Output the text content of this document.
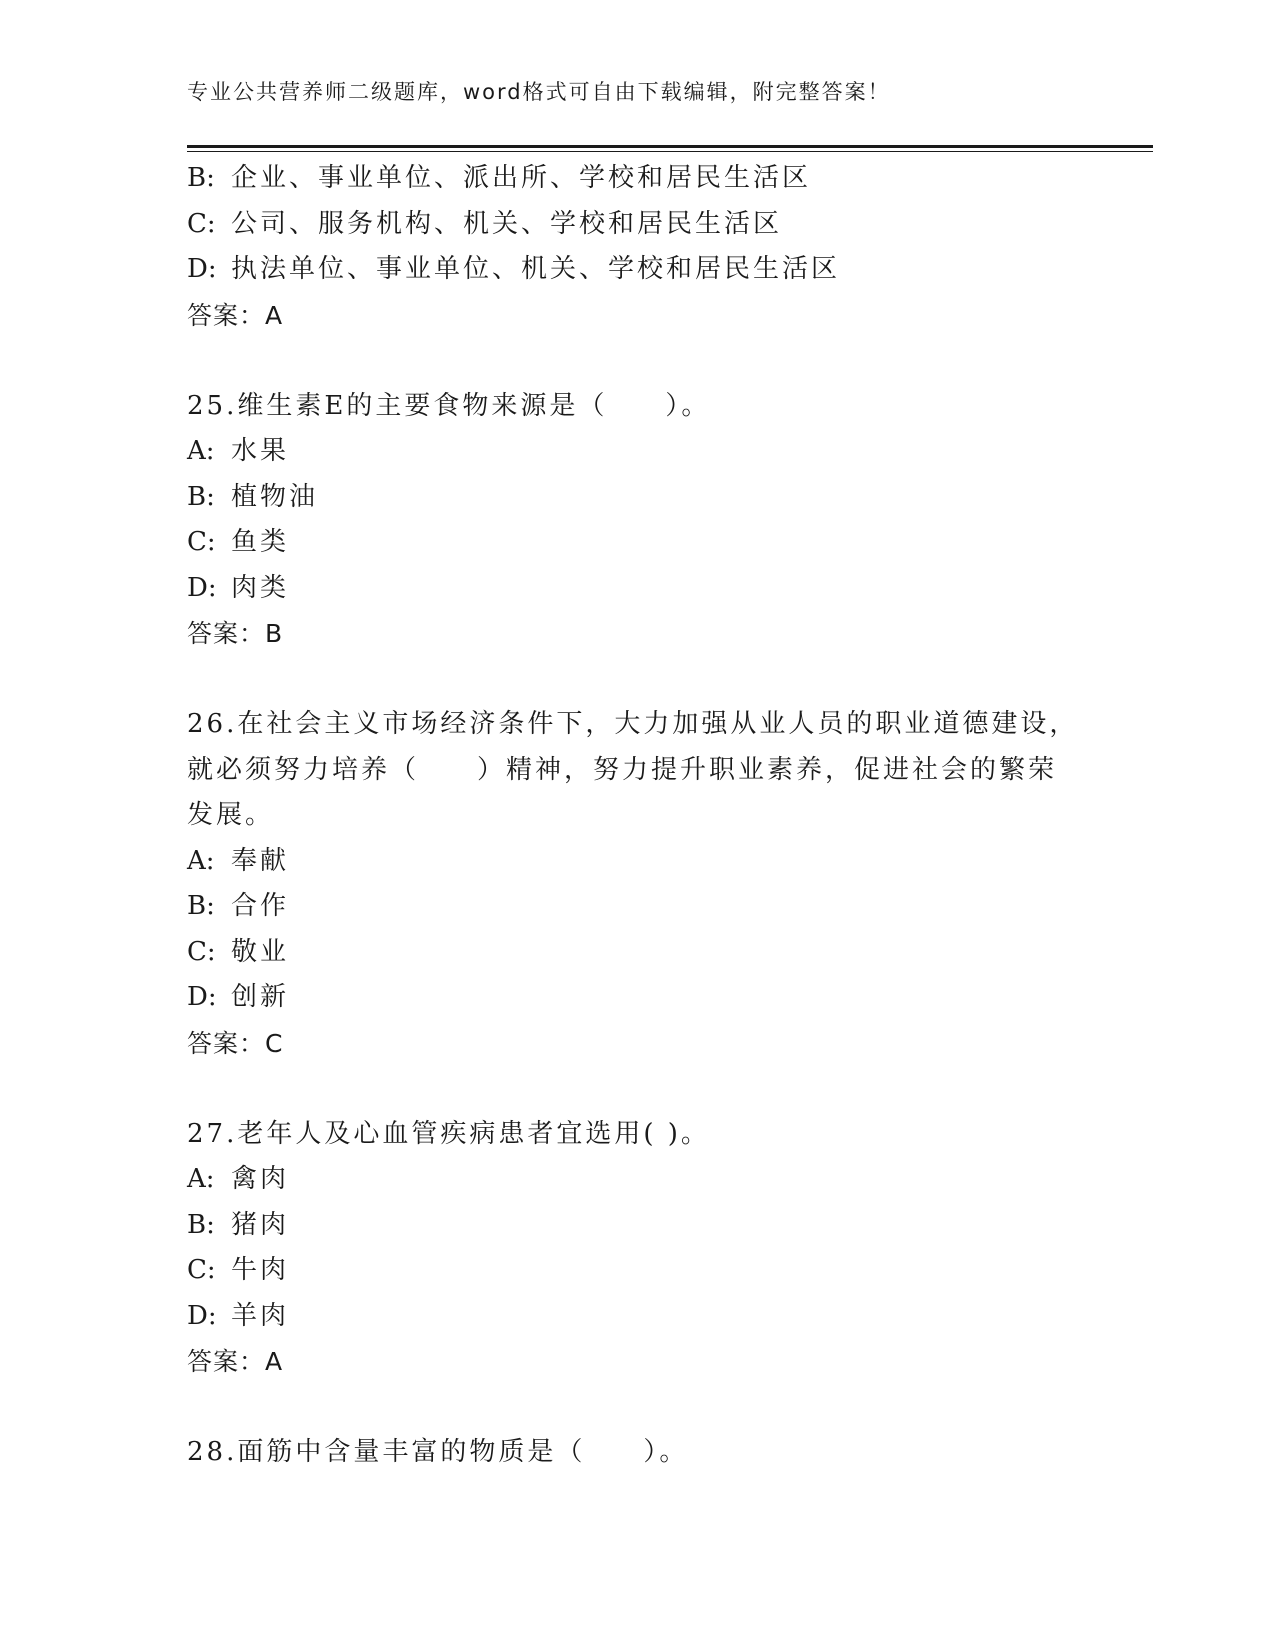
专业公共营养师二级题库，word格式可自由下载编辑，附完整答案！
B: 企业、事业单位、派出所、学校和居民生活区
C: 公司、服务机构、机关、学校和居民生活区
D: 执法单位、事业单位、机关、学校和居民生活区
答案：A
25.维生素E的主要食物来源是（　　）。
A: 水果
B: 植物油
C: 鱼类
D: 肉类
答案：B
26.在社会主义市场经济条件下，大力加强从业人员的职业道德建设，
就必须努力培养（　　）精神，努力提升职业素养，促进社会的繁荣
发展。
A: 奉献
B: 合作
C: 敬业
D: 创新
答案：C
27.老年人及心血管疾病患者宜选用( )。
A: 禽肉
B: 猪肉
C: 牛肉
D: 羊肉
答案：A
28.面筋中含量丰富的物质是（　　）。
